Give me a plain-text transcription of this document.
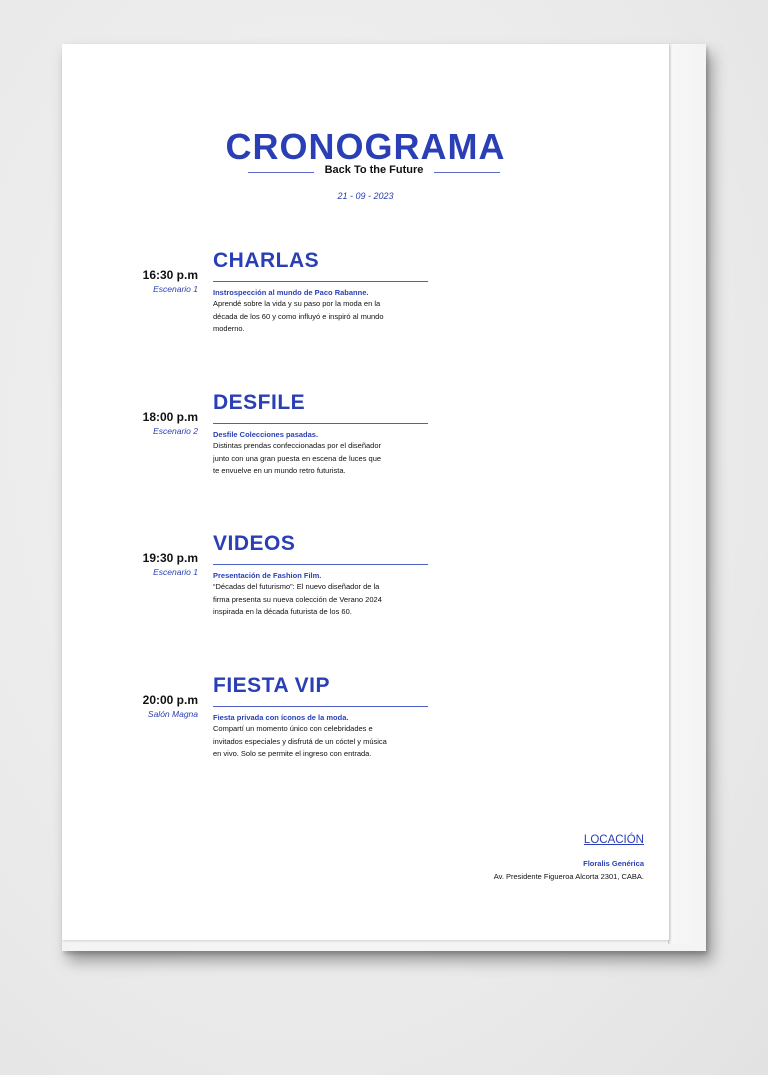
CRONOGRAMA
Back To the Future
21 - 09 - 2023
16:30 p.m
Escenario 1
CHARLAS
Instrospección al mundo de Paco Rabanne.
Aprendé sobre la vida y su paso por la moda en la década de los 60 y como influyó e inspiró al mundo moderno.
18:00 p.m
Escenario 2
DESFILE
Desfile Colecciones pasadas.
Distintas prendas confeccionadas por el diseñador junto con una gran puesta en escena de luces que te envuelve en un mundo retro futurista.
19:30 p.m
Escenario 1
VIDEOS
Presentación de Fashion Film.
“Décadas del futurismo”: El nuevo diseñador de la firma presenta su nueva colección de Verano 2024 inspirada en la década futurista de los 60.
20:00 p.m
Salón Magna
FIESTA VIP
Fiesta privada con íconos de la moda.
Compartí un momento único con celebridades e invitados especiales y disfrutá de un cóctel y música en vivo. Solo se permite el ingreso con entrada.
LOCACIÓN
Floralis Genérica
Av. Presidente Figueroa Alcorta 2301, CABA.
